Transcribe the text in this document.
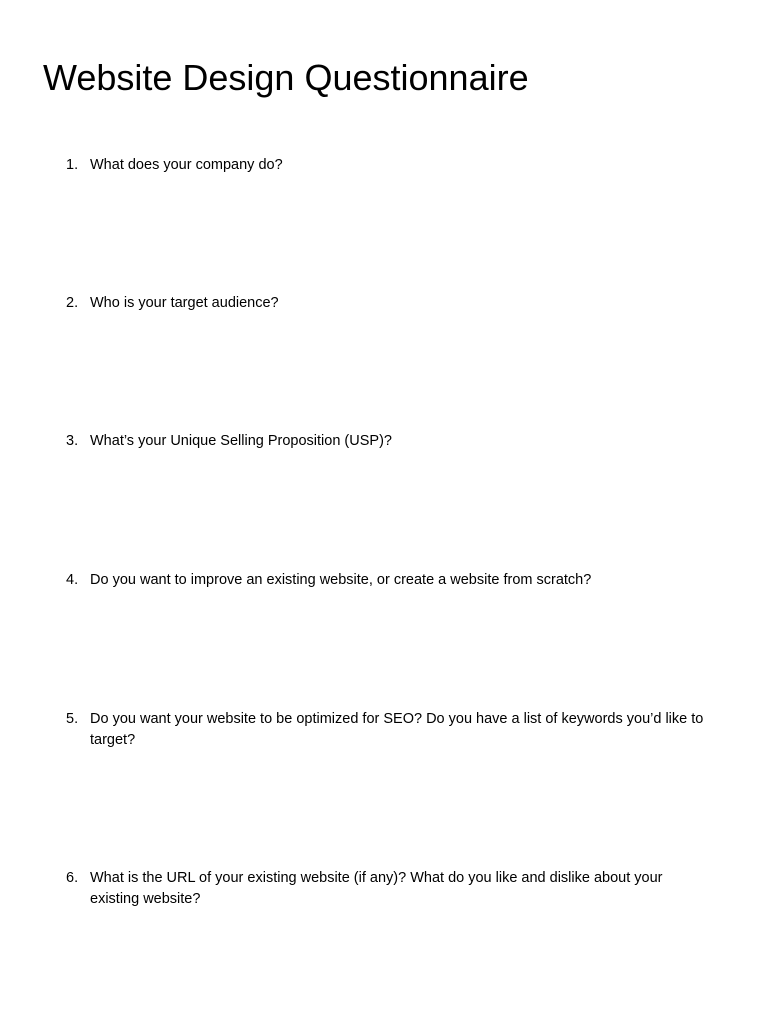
Website Design Questionnaire
1. What does your company do?
2. Who is your target audience?
3. What’s your Unique Selling Proposition (USP)?
4. Do you want to improve an existing website, or create a website from scratch?
5. Do you want your website to be optimized for SEO? Do you have a list of keywords you’d like to target?
6. What is the URL of your existing website (if any)? What do you like and dislike about your existing website?
